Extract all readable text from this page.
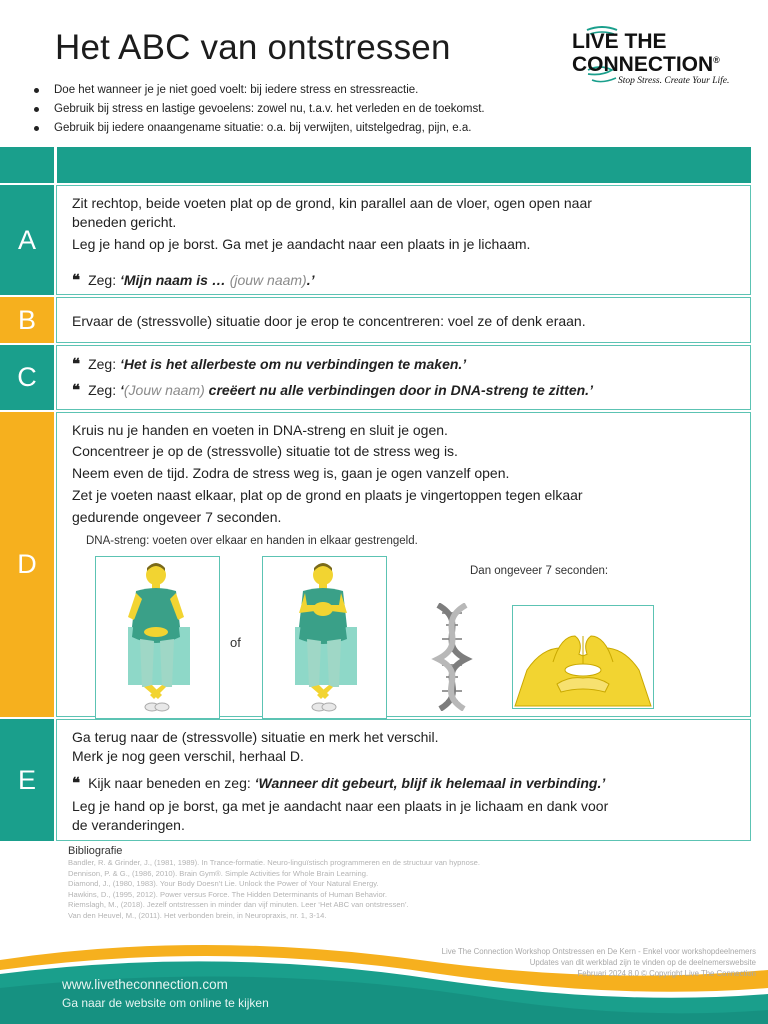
Het ABC van ontstressen	LIVE THE
CONNECTION®
Stop Stress. Create Your Life.
Doe het wanneer je je niet goed voelt: bij iedere stress en stressreactie.
Gebruik bij stress en lastige gevoelens: zowel nu, t.a.v. het verleden en de toekomst.
Gebruik bij iedere onaangename situatie: o.a. bij verwijten, uitstelgedrag, pijn, e.a.
A
Zit rechtop, beide voeten plat op de grond, kin parallel aan de vloer, ogen open naar
beneden gericht.
Leg je hand op je borst. Ga met je aandacht naar een plaats in je lichaam.
❝ Zeg: ‘Mijn naam is … (jouw naam).’
B	Ervaar de (stressvolle) situatie door je erop te concentreren: voel ze of denk eraan.
C	❝ Zeg: ‘Het is het allerbeste om nu verbindingen te maken.’
❝ Zeg: ‘(Jouw naam) creëert nu alle verbindingen door in DNA-streng te zitten.’
D
Kruis nu je handen en voeten in DNA-streng en sluit je ogen.
Concentreer je op de (stressvolle) situatie tot de stress weg is.
Neem even de tijd. Zodra de stress weg is, gaan je ogen vanzelf open.
Zet je voeten naast elkaar, plat op de grond en plaats je vingertoppen tegen elkaar
gedurende ongeveer 7 seconden.
DNA-streng: voeten over elkaar en handen in elkaar gestrengeld.
Dan ongeveer 7 seconden:
of
E
Ga terug naar de (stressvolle) situatie en merk het verschil.
Merk je nog geen verschil, herhaal D.
❝ Kijk naar beneden en zeg: ‘Wanneer dit gebeurt, blijf ik helemaal in verbinding.’
Leg je hand op je borst, ga met je aandacht naar een plaats in je lichaam en dank voor
de veranderingen.
Bibliografie
Bandler, R. & Grinder, J., (1981, 1989). In Trance-formatie. Neuro-linguïstisch programmeren en de structuur van hypnose.
Dennison, P. & G., (1986, 2010). Brain Gym®. Simple Activities for Whole Brain Learning.
Diamond, J., (1980, 1983). Your Body Doesn’t Lie. Unlock the Power of Your Natural Energy.
Hawkins, D., (1995, 2012). Power versus Force. The Hidden Determinants of Human Behavior.
Riemslagh, M., (2018). Jezelf ontstressen in minder dan vijf minuten. Leer ‘Het ABC van ontstressen’.
Van den Heuvel, M., (2011). Het verbonden brein, in Neuropraxis, nr. 1, 3-14.
Live The Connection Workshop Ontstressen en De Kern - Enkel voor workshopdeelnemers
Updates van dit werkblad zijn te vinden op de deelnemerswebsite
Februari 2024 8.0 © Copyright Live The Connection
www.livetheconnection.com
Ga naar de website om online te kijken
